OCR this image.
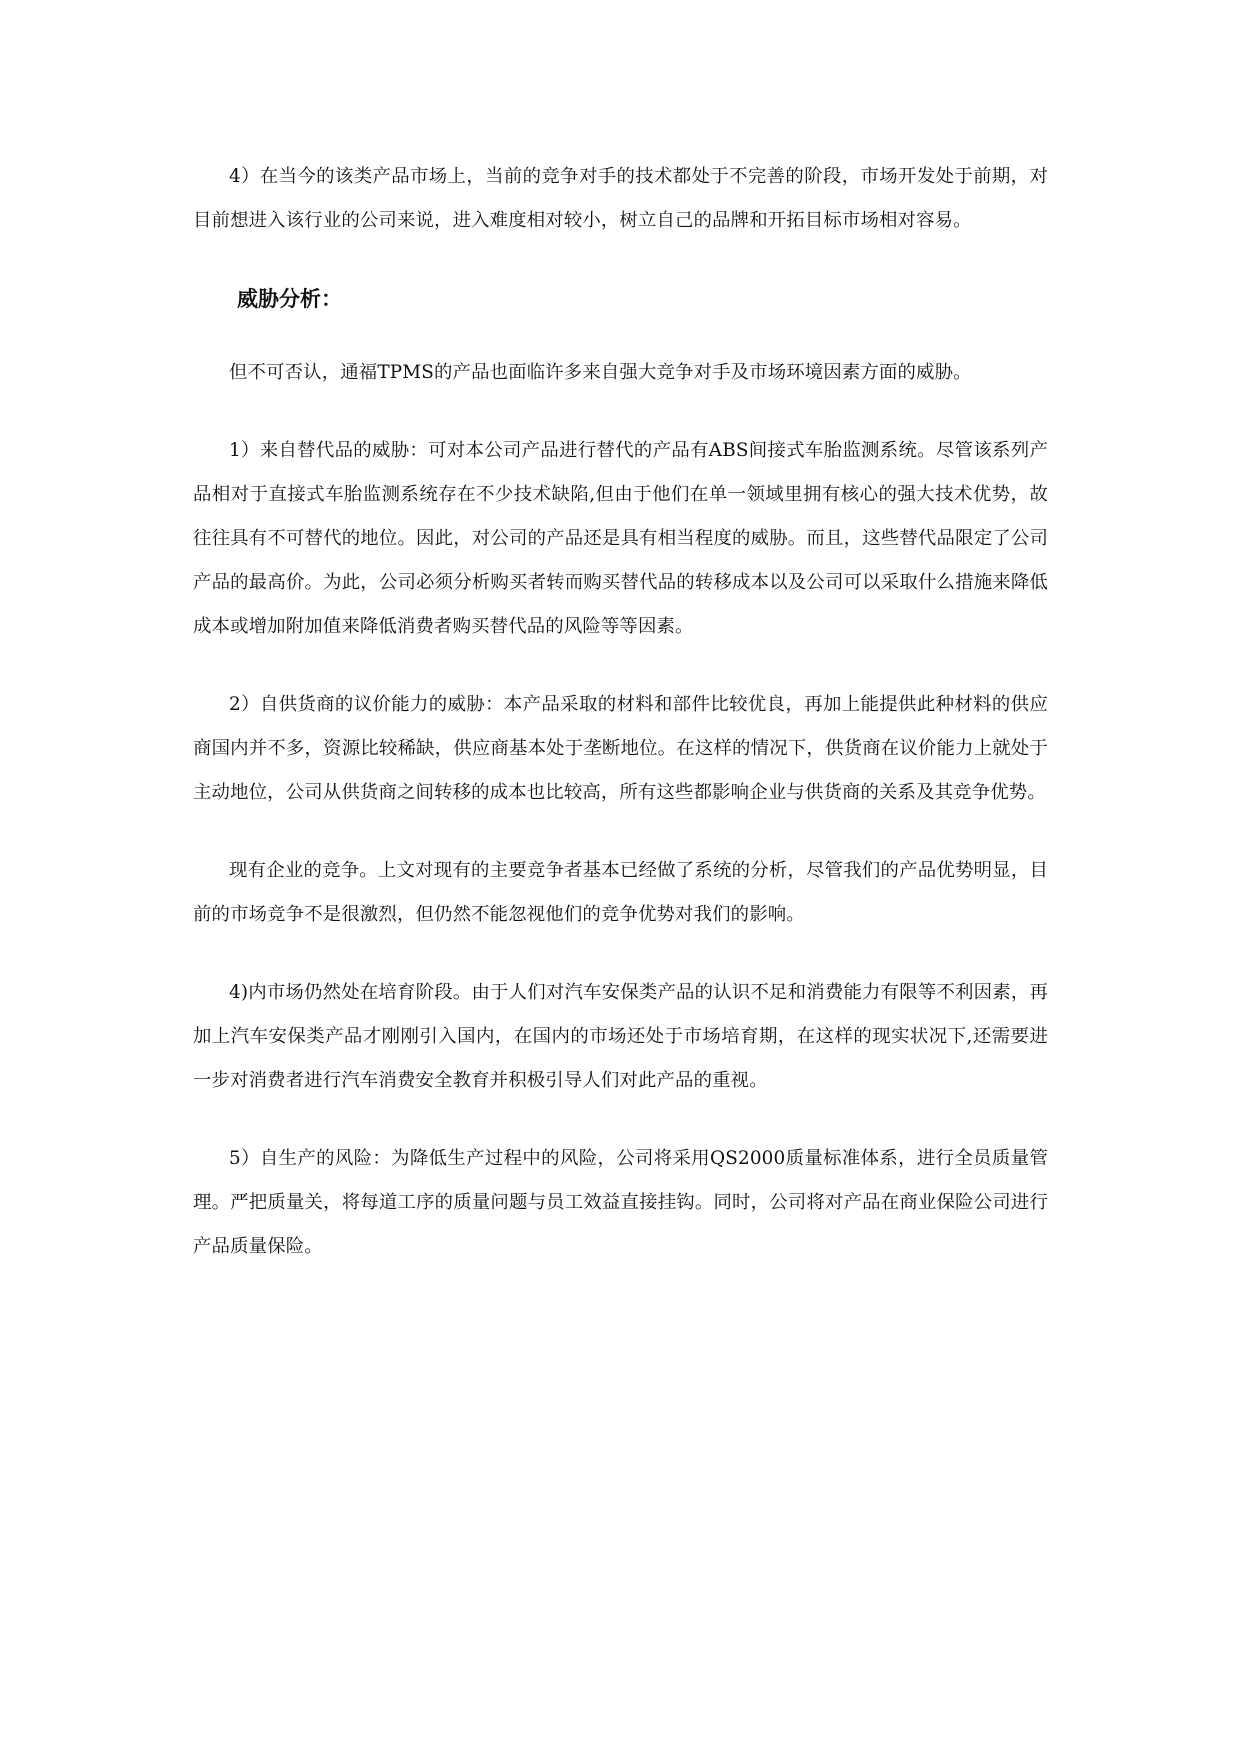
4）在当今的该类产品市场上，当前的竞争对手的技术都处于不完善的阶段，市场开发处于前期，对目前想进入该行业的公司来说，进入难度相对较小，树立自己的品牌和开拓目标市场相对容易。

威胁分析：

但不可否认，通福TPMS的产品也面临许多来自强大竞争对手及市场环境因素方面的威胁。

1）来自替代品的威胁：可对本公司产品进行替代的产品有ABS间接式车胎监测系统。尽管该系列产品相对于直接式车胎监测系统存在不少技术缺陷,但由于他们在单一领域里拥有核心的强大技术优势，故往往具有不可替代的地位。因此，对公司的产品还是具有相当程度的威胁。而且，这些替代品限定了公司产品的最高价。为此，公司必须分析购买者转而购买替代品的转移成本以及公司可以采取什么措施来降低成本或增加附加值来降低消费者购买替代品的风险等等因素。

2）自供货商的议价能力的威胁：本产品采取的材料和部件比较优良，再加上能提供此种材料的供应商国内并不多，资源比较稀缺，供应商基本处于垄断地位。在这样的情况下，供货商在议价能力上就处于主动地位，公司从供货商之间转移的成本也比较高，所有这些都影响企业与供货商的关系及其竞争优势。

现有企业的竞争。上文对现有的主要竞争者基本已经做了系统的分析，尽管我们的产品优势明显，目前的市场竞争不是很激烈，但仍然不能忽视他们的竞争优势对我们的影响。

4)内市场仍然处在培育阶段。由于人们对汽车安保类产品的认识不足和消费能力有限等不利因素，再加上汽车安保类产品才刚刚引入国内，在国内的市场还处于市场培育期，在这样的现实状况下,还需要进一步对消费者进行汽车消费安全教育并积极引导人们对此产品的重视。

5）自生产的风险：为降低生产过程中的风险，公司将采用QS2000质量标准体系，进行全员质量管理。严把质量关，将每道工序的质量问题与员工效益直接挂钩。同时，公司将对产品在商业保险公司进行产品质量保险。
